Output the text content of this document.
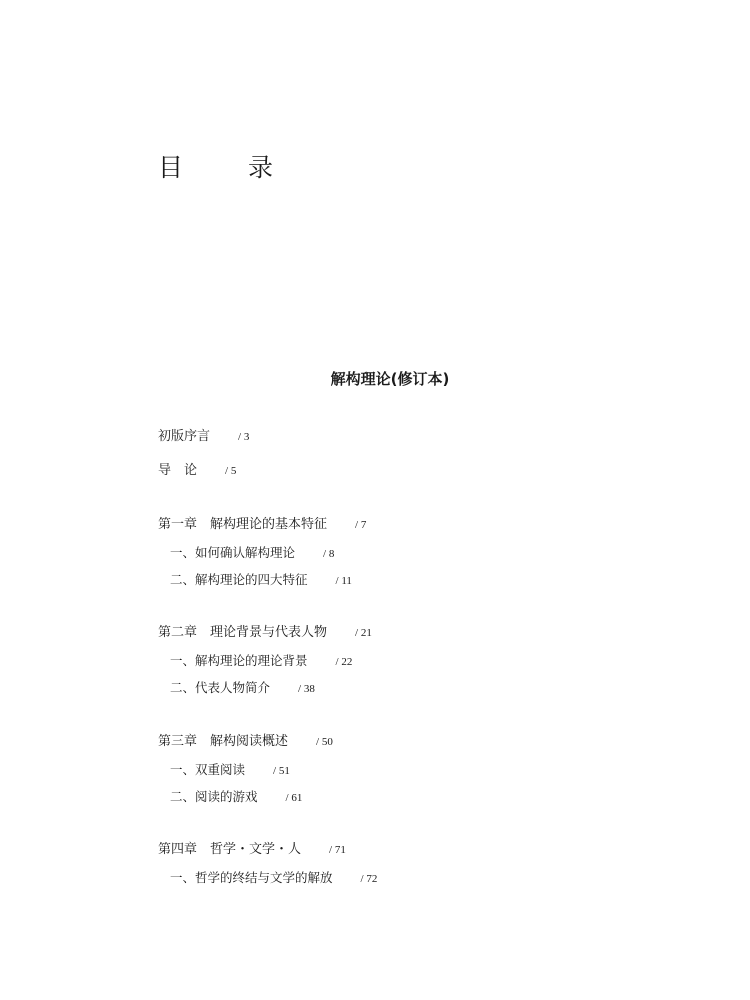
目　录
解构理论(修订本)
初版序言	/ 3
导　论	/ 5
第一章　解构理论的基本特征	/ 7
一、如何确认解构理论	/ 8
二、解构理论的四大特征	/ 11
第二章　理论背景与代表人物	/ 21
一、解构理论的理论背景	/ 22
二、代表人物简介	/ 38
第三章　解构阅读概述	/ 50
一、双重阅读	/ 51
二、阅读的游戏	/ 61
第四章　哲学・文学・人	/ 71
一、哲学的终结与文学的解放	/ 72
